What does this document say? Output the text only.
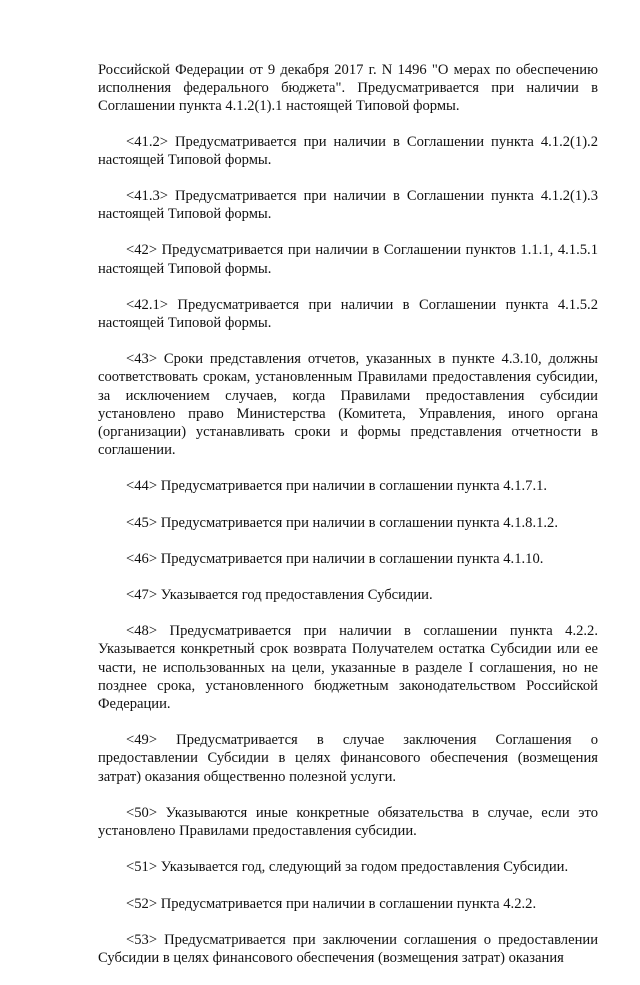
Российской Федерации от 9 декабря 2017 г. N 1496 "О мерах по обеспечению исполнения федерального бюджета". Предусматривается при наличии в Соглашении пункта 4.1.2(1).1 настоящей Типовой формы.

<41.2> Предусматривается при наличии в Соглашении пункта 4.1.2(1).2 настоящей Типовой формы.

<41.3> Предусматривается при наличии в Соглашении пункта 4.1.2(1).3 настоящей Типовой формы.

<42> Предусматривается при наличии в Соглашении пунктов 1.1.1, 4.1.5.1 настоящей Типовой формы.

<42.1> Предусматривается при наличии в Соглашении пункта 4.1.5.2 настоящей Типовой формы.

<43> Сроки представления отчетов, указанных в пункте 4.3.10, должны соответствовать срокам, установленным Правилами предоставления субсидии, за исключением случаев, когда Правилами предоставления субсидии установлено право Министерства (Комитета, Управления, иного органа (организации) устанавливать сроки и формы представления отчетности в соглашении.

<44> Предусматривается при наличии в соглашении пункта 4.1.7.1.

<45> Предусматривается при наличии в соглашении пункта 4.1.8.1.2.

<46> Предусматривается при наличии в соглашении пункта 4.1.10.

<47> Указывается год предоставления Субсидии.

<48> Предусматривается при наличии в соглашении пункта 4.2.2. Указывается конкретный срок возврата Получателем остатка Субсидии или ее части, не использованных на цели, указанные в разделе I соглашения, но не позднее срока, установленного бюджетным законодательством Российской Федерации.

<49> Предусматривается в случае заключения Соглашения о предоставлении Субсидии в целях финансового обеспечения (возмещения затрат) оказания общественно полезной услуги.

<50> Указываются иные конкретные обязательства в случае, если это установлено Правилами предоставления субсидии.

<51> Указывается год, следующий за годом предоставления Субсидии.

<52> Предусматривается при наличии в соглашении пункта 4.2.2.

<53> Предусматривается при заключении соглашения о предоставлении Субсидии в целях финансового обеспечения (возмещения затрат) оказания
